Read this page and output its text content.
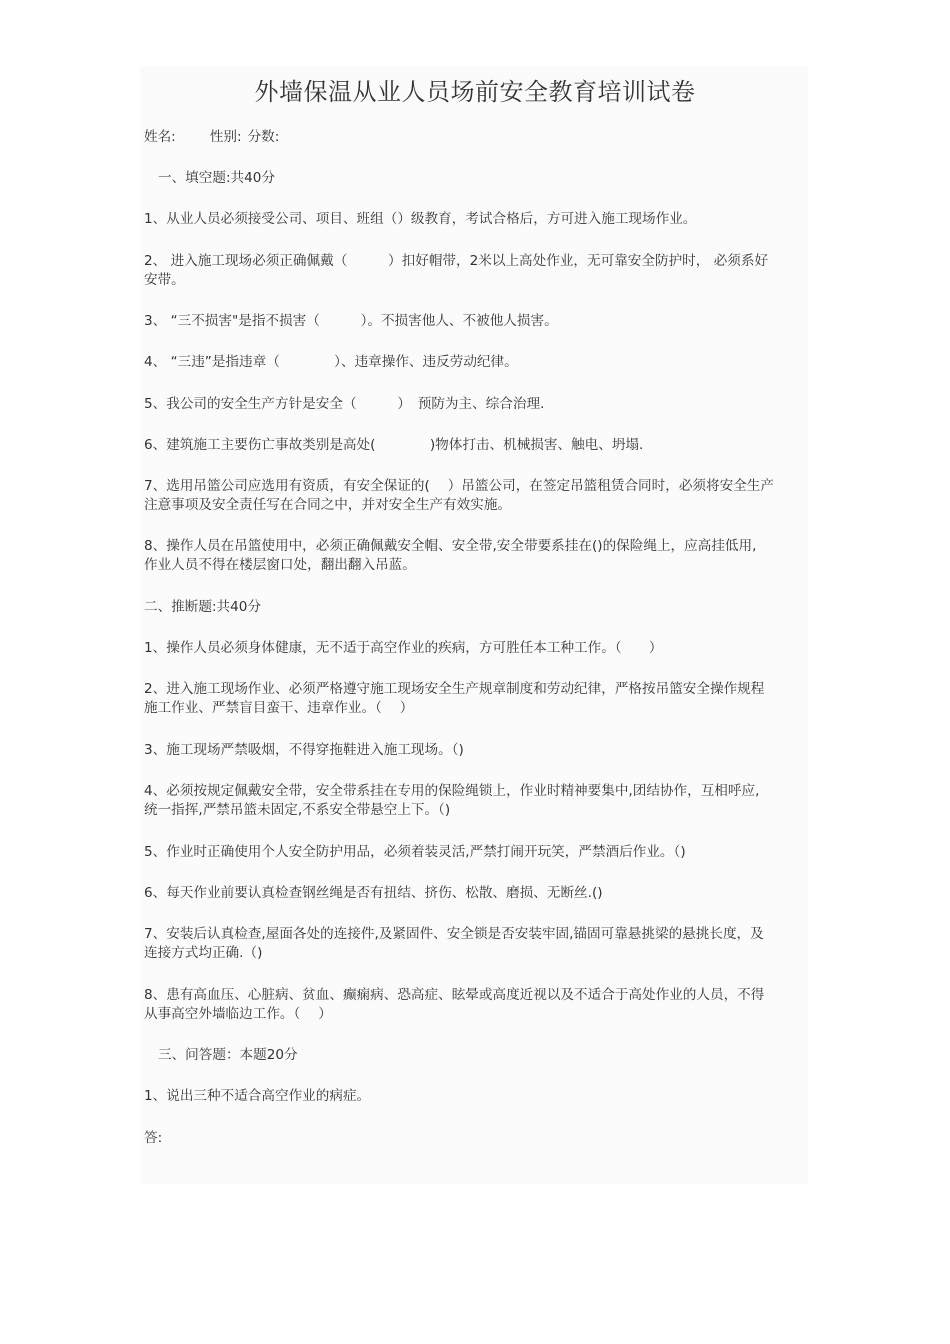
外墙保温从业人员场前安全教育培训试卷
姓名:	性别: 分数:
一、填空题:共40分
1、从业人员必须接受公司、项目、班组（）级教育，考试合格后，方可进入施工现场作业。
2、 进入施工现场必须正确佩戴（　　　）扣好帽带，2米以上高处作业，无可靠安全防护时， 必须系好
安带。
3、 “三不损害"是指不损害（　　　）。不损害他人、不被他人损害。
4、 “三违”是指违章（　　　　）、违章操作、违反劳动纪律。
5、我公司的安全生产方针是安全（　　　）　预防为主、综合治理.
6、建筑施工主要伤亡事故类别是高处(　　　　)物体打击、机械损害、触电、坍塌.
7、选用吊篮公司应选用有资质，有安全保证的(　 ）吊篮公司，在签定吊篮租赁合同时，必须将安全生产
注意事项及安全责任写在合同之中，并对安全生产有效实施。
8、操作人员在吊篮使用中，必须正确佩戴安全帽、安全带,安全带要系挂在()的保险绳上，应高挂低用,
作业人员不得在楼层窗口处，翻出翻入吊蓝。
二、推断题:共40分
1、操作人员必须身体健康，无不适于高空作业的疾病，方可胜任本工种工作。（　　）
2、进入施工现场作业、必须严格遵守施工现场安全生产规章制度和劳动纪律，严格按吊篮安全操作规程
施工作业、严禁盲目蛮干、违章作业。（　 ）
3、施工现场严禁吸烟，不得穿拖鞋进入施工现场。（)
4、必须按规定佩戴安全带，安全带系挂在专用的保险绳锁上，作业时精神要集中,团结协作，互相呼应,
统一指挥,严禁吊篮未固定,不系安全带悬空上下。（)
5、作业时正确使用个人安全防护用品，必须着装灵活,严禁打闹开玩笑，严禁酒后作业。（)
6、每天作业前要认真检查钢丝绳是否有扭结、挤伤、松散、磨损、无断丝.()
7、安装后认真检查,屋面各处的连接件,及紧固件、安全锁是否安装牢固,锚固可靠悬挑梁的悬挑长度，及
连接方式均正确.（)
8、患有高血压、心脏病、贫血、癫痫病、恐高症、眩晕或高度近视以及不适合于高处作业的人员，不得
从事高空外墙临边工作。（　 ）
三、问答题：本题20分
1、说出三种不适合高空作业的病症。
答:
